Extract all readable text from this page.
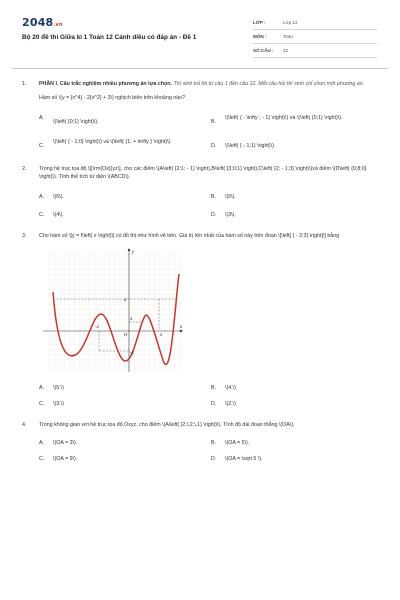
2048.vn
Bộ 20 đề thi Giữa kì 1 Toán 12 Cánh diều có đáp án - Đề 1
LỚP :	Lớp 12
MÔN :	Toán
SỐ CÂU :	22
1. PHẦN I. Câu trắc nghiệm nhiều phương án lựa chọn. Thí sinh trả lời từ câu 1 đến câu 12. Mỗi câu hỏi thí sinh chỉ chọn một phương án.
Hàm số \(y = {x^4} - 2{x^2} + 3\) nghịch biến trên khoảng nào?
A.
\(\left( {0;1} \right)\).	B.
\(\left( { - \infty ; - 1} \right)\) và \(\left( {0;1} \right)\).
C.
\(\left( { - 1;0} \right)\) và \(\left( {1; + \infty } \right)\).
D.	\(\left( { - 1;1} \right)\).
2. Trong hệ trục tọa độ \[{\rm{Ox}}yz\], cho các điểm \(A\left( {2;1; - 1} \right),B\left( {3;0;1} \right),C\left( {2; - 1;3} \right)\)và điểm \(D\left( {0;8;0} \right)\). Tính thể tích tứ diện \(ABCD\).
A.	\(6\).	B.	\(5\).
C.	\(4\).	D.	\(3\).
3. Cho hàm số \[y = f\left( x \right)\] có đồ thị như hình vẽ bên. Giá trị lớn nhất của hàm số này trên đoạn \[\left[ { - 2;3} \right]\] bằng
y
x
O
4
2
-2
-2
2
A.	\(5.\)	B.	\(4.\)
C.	\(3.\)	D.	\(2.\)
4. Trong không gian với hệ trục tọa độ Oxyz, cho điểm \(A\left( {2;\,2;\,1} \right)\). Tính độ dài đoạn thẳng \(OA\).
A.	\(OA = 3\).	B.	\(OA = 5\).
C.	\(OA = 9\).	D.	\(OA = \sqrt 5 \).
